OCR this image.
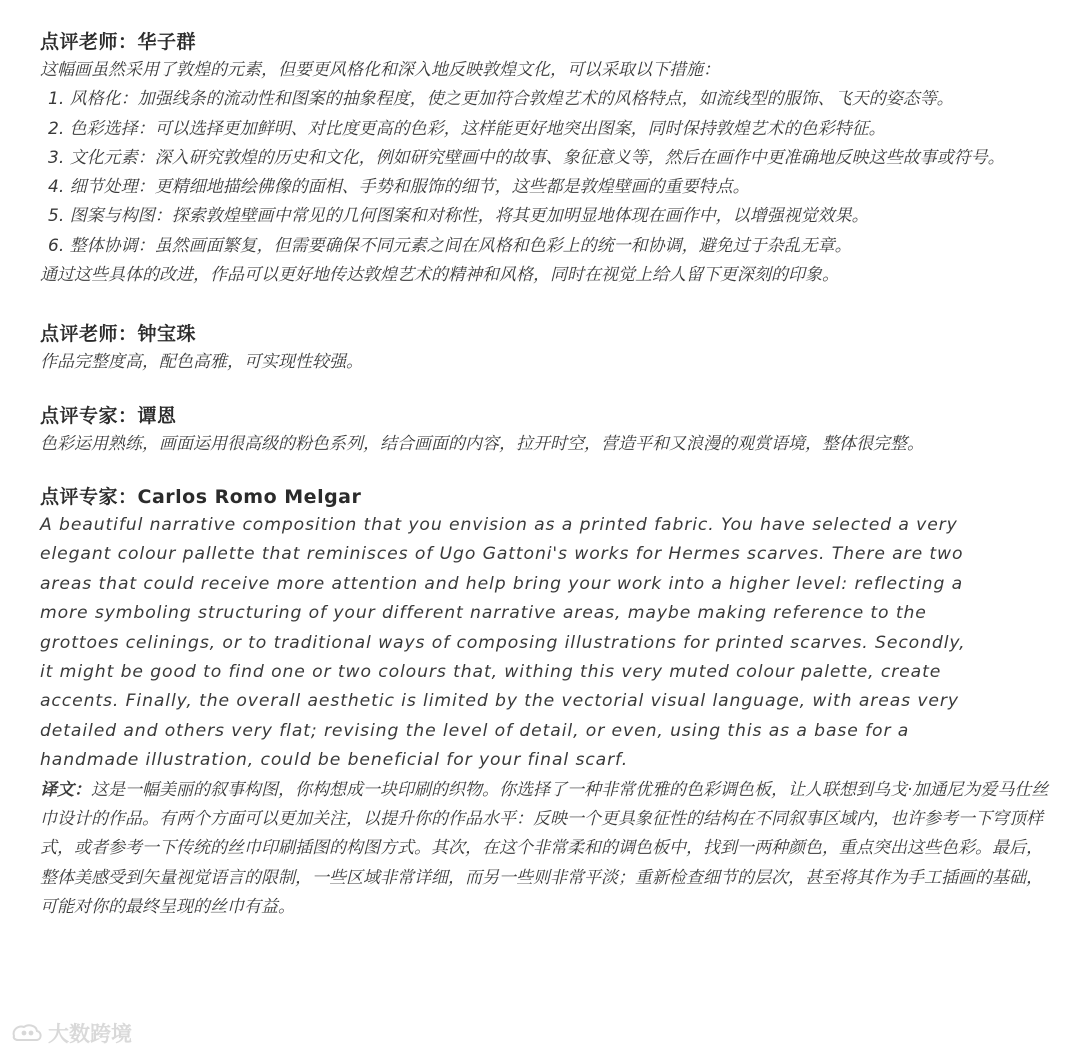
点评老师：华子群

这幅画虽然采用了敦煌的元素，但要更风格化和深入地反映敦煌文化，可以采取以下措施：

1. 风格化：加强线条的流动性和图案的抽象程度，使之更加符合敦煌艺术的风格特点，如流线型的服饰、飞天的姿态等。

2. 色彩选择：可以选择更加鲜明、对比度更高的色彩，这样能更好地突出图案，同时保持敦煌艺术的色彩特征。

3. 文化元素：深入研究敦煌的历史和文化，例如研究壁画中的故事、象征意义等，然后在画作中更准确地反映这些故事或符号。

4. 细节处理：更精细地描绘佛像的面相、手势和服饰的细节，这些都是敦煌壁画的重要特点。

5. 图案与构图：探索敦煌壁画中常见的几何图案和对称性，将其更加明显地体现在画作中，以增强视觉效果。

6. 整体协调：虽然画面繁复，但需要确保不同元素之间在风格和色彩上的统一和协调，避免过于杂乱无章。

通过这些具体的改进，作品可以更好地传达敦煌艺术的精神和风格，同时在视觉上给人留下更深刻的印象。

点评老师：钟宝珠

作品完整度高，配色高雅，可实现性较强。

点评专家：谭恩

色彩运用熟练，画面运用很高级的粉色系列，结合画面的内容，拉开时空，营造平和又浪漫的观赏语境，整体很完整。

点评专家：Carlos Romo Melgar

A beautiful narrative composition that you envision as a printed fabric. You have selected a very

elegant colour pallette that reminisces of Ugo Gattoni's works for Hermes scarves. There are two

areas that could receive more attention and help bring your work into a higher level: reflecting a

more symboling structuring of your different narrative areas, maybe making reference to the

grottoes celinings, or to traditional ways of composing illustrations for printed scarves. Secondly,

it might be good to find one or two colours that, withing this very muted colour palette, create

accents. Finally, the overall aesthetic is limited by the vectorial visual language, with areas very

detailed and others very flat; revising the level of detail, or even, using this as a base for a

handmade illustration, could be beneficial for your final scarf.

译文：这是一幅美丽的叙事构图，你构想成一块印刷的织物。你选择了一种非常优雅的色彩调色板，让人联想到乌戈·加通尼为爱马仕丝巾设计的作品。有两个方面可以更加关注，以提升你的作品水平：反映一个更具象征性的结构在不同叙事区域内，也许参考一下穹顶样式，或者参考一下传统的丝巾印刷插图的构图方式。其次，在这个非常柔和的调色板中，找到一两种颜色，重点突出这些色彩。最后，整体美感受到矢量视觉语言的限制，一些区域非常详细，而另一些则非常平淡；重新检查细节的层次，甚至将其作为手工插画的基础，可能对你的最终呈现的丝巾有益。

大数跨境
